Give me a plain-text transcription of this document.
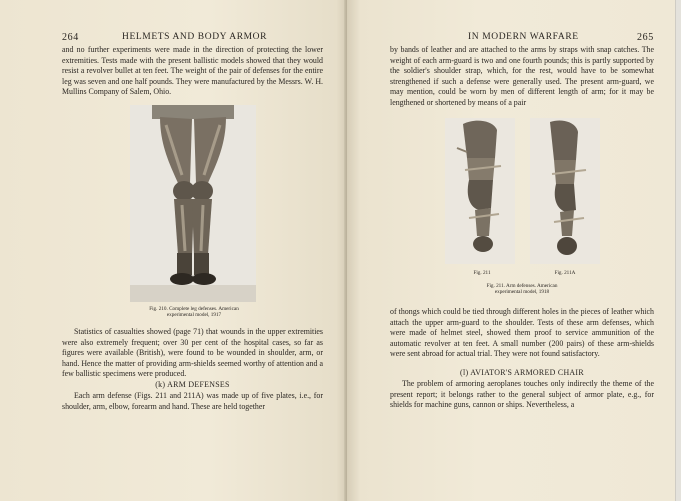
264	HELMETS AND BODY ARMOR

and no further experiments were made in the direction of protecting the lower extremities. Tests made with the present ballistic models showed that they would resist a revolver bullet at ten feet. The weight of the pair of defenses for the entire leg was seven and one half pounds. They were manufactured by the Messrs. W. H. Mullins Company of Salem, Ohio.

Fig. 210. Complete leg defenses. American
experimental model, 1917

Statistics of casualties showed (page 71) that wounds in the upper extremities were also extremely frequent; over 30 per cent of the hospital cases, so far as figures were available (British), were found to be wounded in shoulder, arm, or hand. Hence the matter of providing arm-shields seemed worthy of attention and a few ballistic specimens were produced.

(k) ARM DEFENSES

Each arm defense (Figs. 211 and 211A) was made up of five plates, i.e., for shoulder, arm, elbow, forearm and hand. These are held together

IN MODERN WARFARE	265

by bands of leather and are attached to the arms by straps with snap catches. The weight of each arm-guard is two and one fourth pounds; this is partly supported by the soldier's shoulder strap, which, for the rest, would have to be somewhat strengthened if such a defense were generally used. The present arm-guard, we may mention, could be worn by men of different length of arm; for it may be lengthened or shortened by means of a pair

Fig. 211	Fig. 211A
Fig. 211. Arm defenses. American
experimental model, 1918

of thongs which could be tied through different holes in the pieces of leather which attach the upper arm-guard to the shoulder. Tests of these arm defenses, which were made of helmet steel, showed them proof to service ammunition of the automatic revolver at ten feet. A small number (200 pairs) of these arm-shields were sent abroad for actual trial. They were not found satisfactory.

(l) AVIATOR'S ARMORED CHAIR

The problem of armoring aeroplanes touches only indirectly the theme of the present report; it belongs rather to the general subject of armor plate, e.g., for shields for machine guns, cannon or ships. Nevertheless, a
